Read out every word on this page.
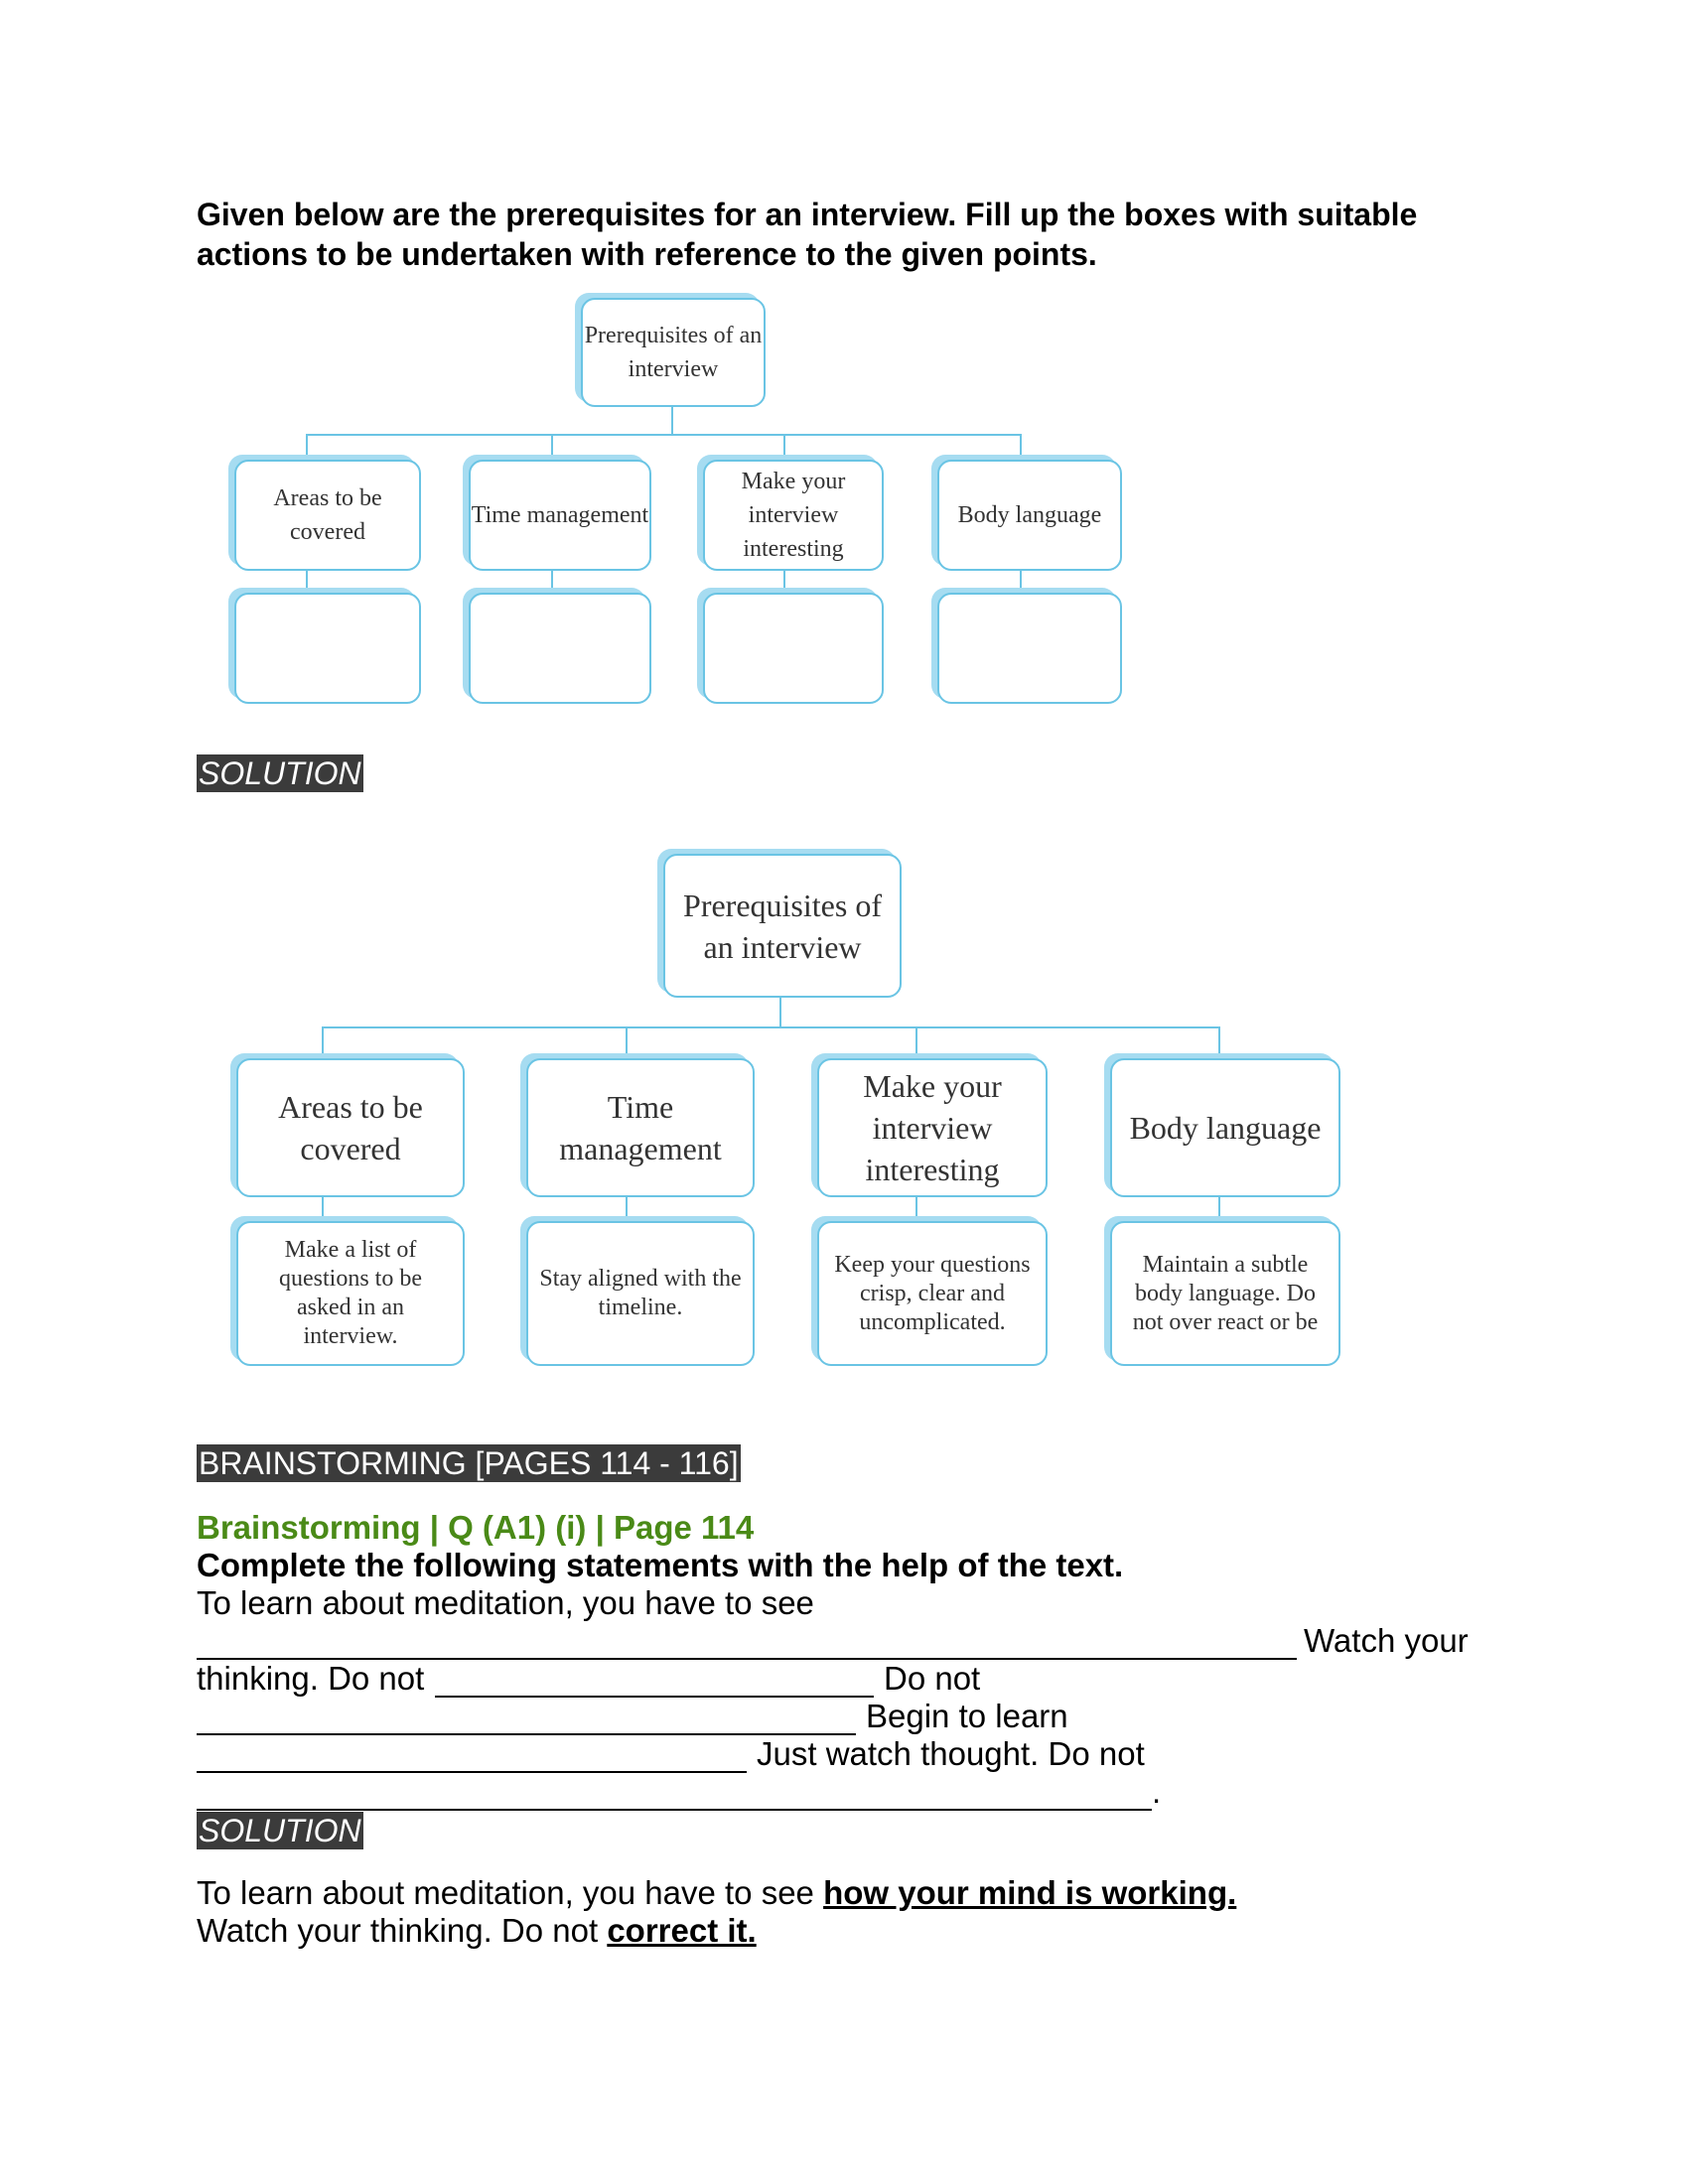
Given below are the prerequisites for an interview. Fill up the boxes with suitable actions to be undertaken with reference to the given points.
Prerequisites of an interview
Areas to be covered
Time management
Make your interview interesting
Body language
SOLUTION
Prerequisites of an interview
Areas to be covered
Time management
Make your interview interesting
Body language
Make a list of questions to be asked in an interview.
Stay aligned with the timeline.
Keep your questions crisp, clear and uncomplicated.
Maintain a subtle body language. Do not over react or be
BRAINSTORMING [PAGES 114 - 116]
Brainstorming | Q (A1) (i) | Page 114
Complete the following statements with the help of the text.
To learn about meditation, you have to see
Watch your
thinking. Do not	Do not
Begin to learn
Just watch thought. Do not
.
SOLUTION
To learn about meditation, you have to see how your mind is working.
Watch your thinking. Do not correct it.
